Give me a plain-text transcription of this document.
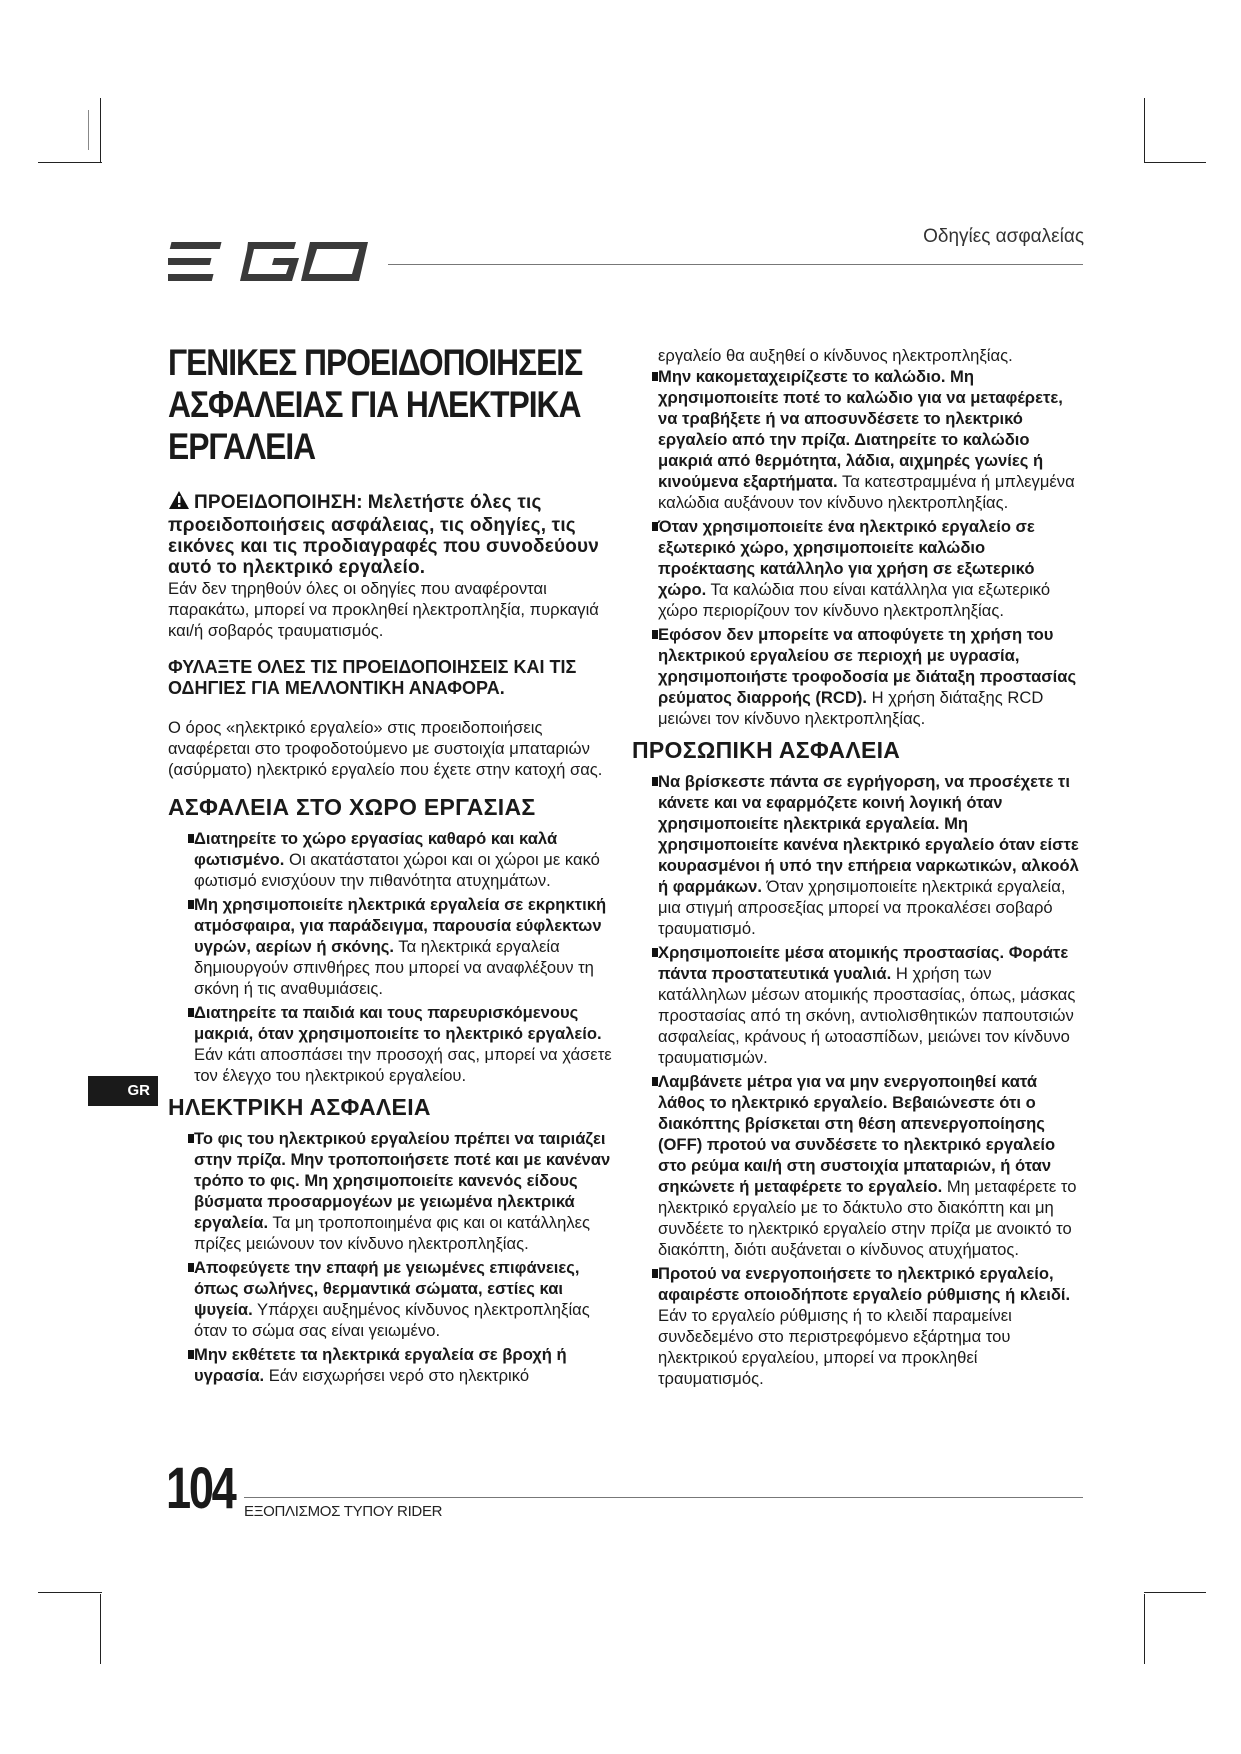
Οδηγίες ασφαλείας
ΓΕΝΙΚΕΣ ΠΡΟΕΙΔΟΠΟΙΗΣΕΙΣ
ΑΣΦΑΛΕΙΑΣ ΓΙΑ ΗΛΕΚΤΡΙΚΑ
ΕΡΓΑΛΕΙΑ
ΠΡΟΕΙΔΟΠΟΙΗΣΗ: Μελετήστε όλες τις προειδοποιήσεις ασφάλειας, τις οδηγίες, τις εικόνες και τις προδιαγραφές που συνοδεύουν αυτό το ηλεκτρικό εργαλείο.
Εάν δεν τηρηθούν όλες οι οδηγίες που αναφέρονται παρακάτω, μπορεί να προκληθεί ηλεκτροπληξία, πυρκαγιά και/ή σοβαρός τραυματισμός.
ΦΥΛΑΞΤΕ ΟΛΕΣ ΤΙΣ ΠΡΟΕΙΔΟΠΟΙΗΣΕΙΣ ΚΑΙ ΤΙΣ ΟΔΗΓΙΕΣ ΓΙΑ ΜΕΛΛΟΝΤΙΚΗ ΑΝΑΦΟΡΑ.
Ο όρος «ηλεκτρικό εργαλείο» στις προειδοποιήσεις αναφέρεται στο τροφοδοτούμενο με συστοιχία μπαταριών (ασύρματο) ηλεκτρικό εργαλείο που έχετε στην κατοχή σας.
ΑΣΦΑΛΕΙΑ ΣΤΟ ΧΩΡΟ ΕΡΓΑΣΙΑΣ
Διατηρείτε το χώρο εργασίας καθαρό και καλά φωτισμένο. Οι ακατάστατοι χώροι και οι χώροι με κακό φωτισμό ενισχύουν την πιθανότητα ατυχημάτων.
Μη χρησιμοποιείτε ηλεκτρικά εργαλεία σε εκρηκτική ατμόσφαιρα, για παράδειγμα, παρουσία εύφλεκτων υγρών, αερίων ή σκόνης. Τα ηλεκτρικά εργαλεία δημιουργούν σπινθήρες που μπορεί να αναφλέξουν τη σκόνη ή τις αναθυμιάσεις.
Διατηρείτε τα παιδιά και τους παρευρισκόμενους μακριά, όταν χρησιμοποιείτε το ηλεκτρικό εργαλείο. Εάν κάτι αποσπάσει την προσοχή σας, μπορεί να χάσετε τον έλεγχο του ηλεκτρικού εργαλείου.
ΗΛΕΚΤΡΙΚΗ ΑΣΦΑΛΕΙΑ
Το φις του ηλεκτρικού εργαλείου πρέπει να ταιριάζει στην πρίζα. Μην τροποποιήσετε ποτέ και με κανέναν τρόπο το φις. Μη χρησιμοποιείτε κανενός είδους βύσματα προσαρμογέων με γειωμένα ηλεκτρικά εργαλεία. Τα μη τροποποιημένα φις και οι κατάλληλες πρίζες μειώνουν τον κίνδυνο ηλεκτροπληξίας.
Αποφεύγετε την επαφή με γειωμένες επιφάνειες, όπως σωλήνες, θερμαντικά σώματα, εστίες και ψυγεία. Υπάρχει αυξημένος κίνδυνος ηλεκτροπληξίας όταν το σώμα σας είναι γειωμένο.
Μην εκθέτετε τα ηλεκτρικά εργαλεία σε βροχή ή υγρασία. Εάν εισχωρήσει νερό στο ηλεκτρικό

εργαλείο θα αυξηθεί ο κίνδυνος ηλεκτροπληξίας.

Μην κακομεταχειρίζεστε το καλώδιο. Μη χρησιμοποιείτε ποτέ το καλώδιο για να μεταφέρετε, να τραβήξετε ή να αποσυνδέσετε το ηλεκτρικό εργαλείο από την πρίζα. Διατηρείτε το καλώδιο μακριά από θερμότητα, λάδια, αιχμηρές γωνίες ή κινούμενα εξαρτήματα. Τα κατεστραμμένα ή μπλεγμένα καλώδια αυξάνουν τον κίνδυνο ηλεκτροπληξίας.
Όταν χρησιμοποιείτε ένα ηλεκτρικό εργαλείο σε εξωτερικό χώρο, χρησιμοποιείτε καλώδιο προέκτασης κατάλληλο για χρήση σε εξωτερικό χώρο. Τα καλώδια που είναι κατάλληλα για εξωτερικό χώρο περιορίζουν τον κίνδυνο ηλεκτροπληξίας.
Εφόσον δεν μπορείτε να αποφύγετε τη χρήση του ηλεκτρικού εργαλείου σε περιοχή με υγρασία, χρησιμοποιήστε τροφοδοσία με διάταξη προστασίας ρεύματος διαρροής (RCD). Η χρήση διάταξης RCD μειώνει τον κίνδυνο ηλεκτροπληξίας.
ΠΡΟΣΩΠΙΚΗ ΑΣΦΑΛΕΙΑ
Να βρίσκεστε πάντα σε εγρήγορση, να προσέχετε τι κάνετε και να εφαρμόζετε κοινή λογική όταν χρησιμοποιείτε ηλεκτρικά εργαλεία. Μη χρησιμοποιείτε κανένα ηλεκτρικό εργαλείο όταν είστε κουρασμένοι ή υπό την επήρεια ναρκωτικών, αλκοόλ ή φαρμάκων. Όταν χρησιμοποιείτε ηλεκτρικά εργαλεία, μια στιγμή απροσεξίας μπορεί να προκαλέσει σοβαρό τραυματισμό.
Χρησιμοποιείτε μέσα ατομικής προστασίας. Φοράτε πάντα προστατευτικά γυαλιά. Η χρήση των κατάλληλων μέσων ατομικής προστασίας, όπως, μάσκας προστασίας από τη σκόνη, αντιολισθητικών παπουτσιών ασφαλείας, κράνους ή ωτοασπίδων, μειώνει τον κίνδυνο τραυματισμών.
Λαμβάνετε μέτρα για να μην ενεργοποιηθεί κατά λάθος το ηλεκτρικό εργαλείο. Βεβαιώνεστε ότι ο διακόπτης βρίσκεται στη θέση απενεργοποίησης (OFF) προτού να συνδέσετε το ηλεκτρικό εργαλείο στο ρεύμα και/ή στη συστοιχία μπαταριών, ή όταν σηκώνετε ή μεταφέρετε το εργαλείο. Μη μεταφέρετε το ηλεκτρικό εργαλείο με το δάκτυλο στο διακόπτη και μη συνδέετε το ηλεκτρικό εργαλείο στην πρίζα με ανοικτό το διακόπτη, διότι αυξάνεται ο κίνδυνος ατυχήματος.
Προτού να ενεργοποιήσετε το ηλεκτρικό εργαλείο, αφαιρέστε οποιοδήποτε εργαλείο ρύθμισης ή κλειδί. Εάν το εργαλείο ρύθμισης ή το κλειδί παραμείνει συνδεδεμένο στο περιστρεφόμενο εξάρτημα του ηλεκτρικού εργαλείου, μπορεί να προκληθεί τραυματισμός.
GR
104 ΕΞΟΠΛΙΣΜΟΣ ΤΥΠΟΥ RIDER
